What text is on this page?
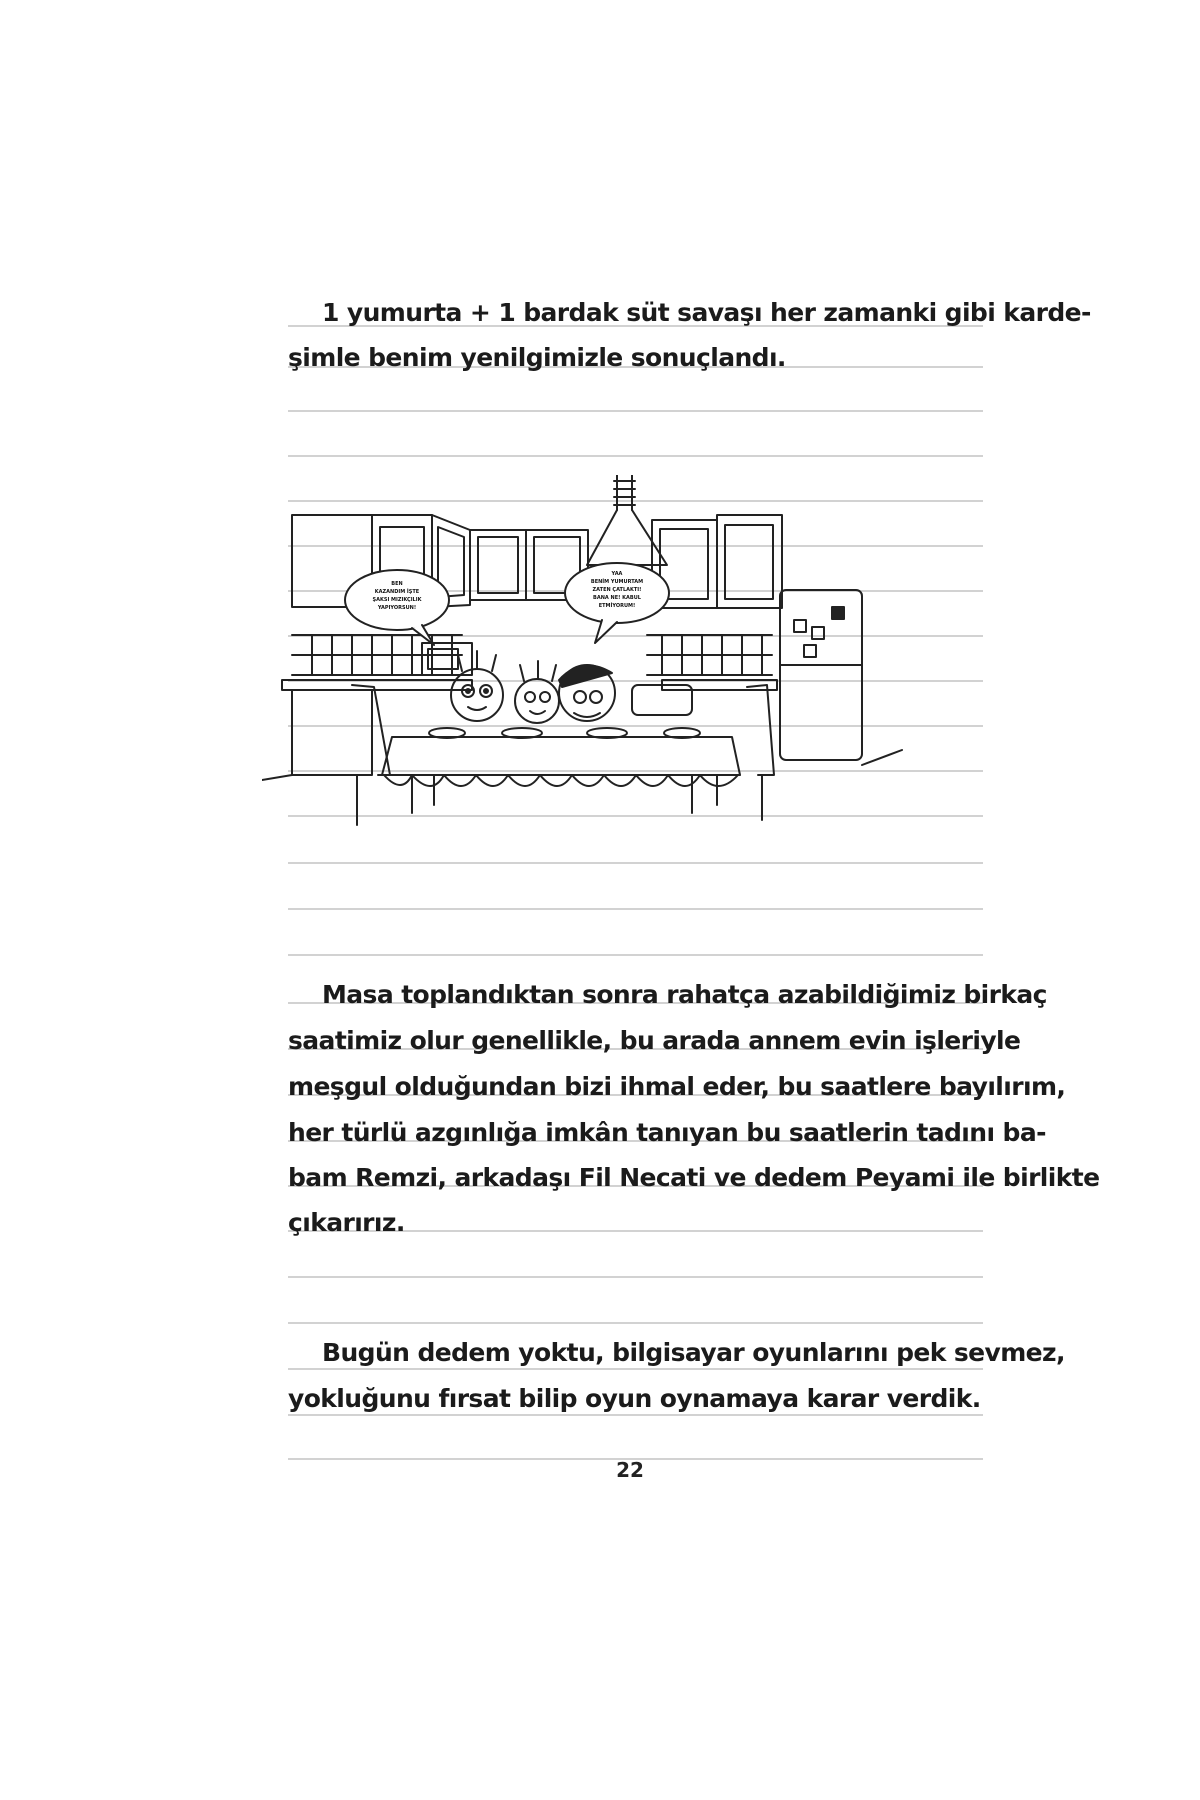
1 yumurta + 1 bardak süt savaşı her zamanki gibi karde-
şimle benim yenilgimizle sonuçlandı.
BEN
KAZANDIM İŞTE
ŞAKSI MIZIKÇILIK
YAPIYORSUN!
YAA
BENİM YUMURTAM
ZATEN ÇATLAKTI!
BANA NE! KABUL
ETMİYORUM!
Masa toplandıktan sonra rahatça azabildiğimiz birkaç
saatimiz olur genellikle, bu arada annem evin işleriyle
meşgul olduğundan bizi ihmal eder, bu saatlere bayılırım,
her türlü azgınlığa imkân tanıyan bu saatlerin tadını ba-
bam Remzi, arkadaşı Fil Necati ve dedem Peyami ile birlikte
çıkarırız.
Bugün dedem yoktu, bilgisayar oyunlarını pek sevmez,
yokluğunu fırsat bilip oyun oynamaya karar verdik.
22
